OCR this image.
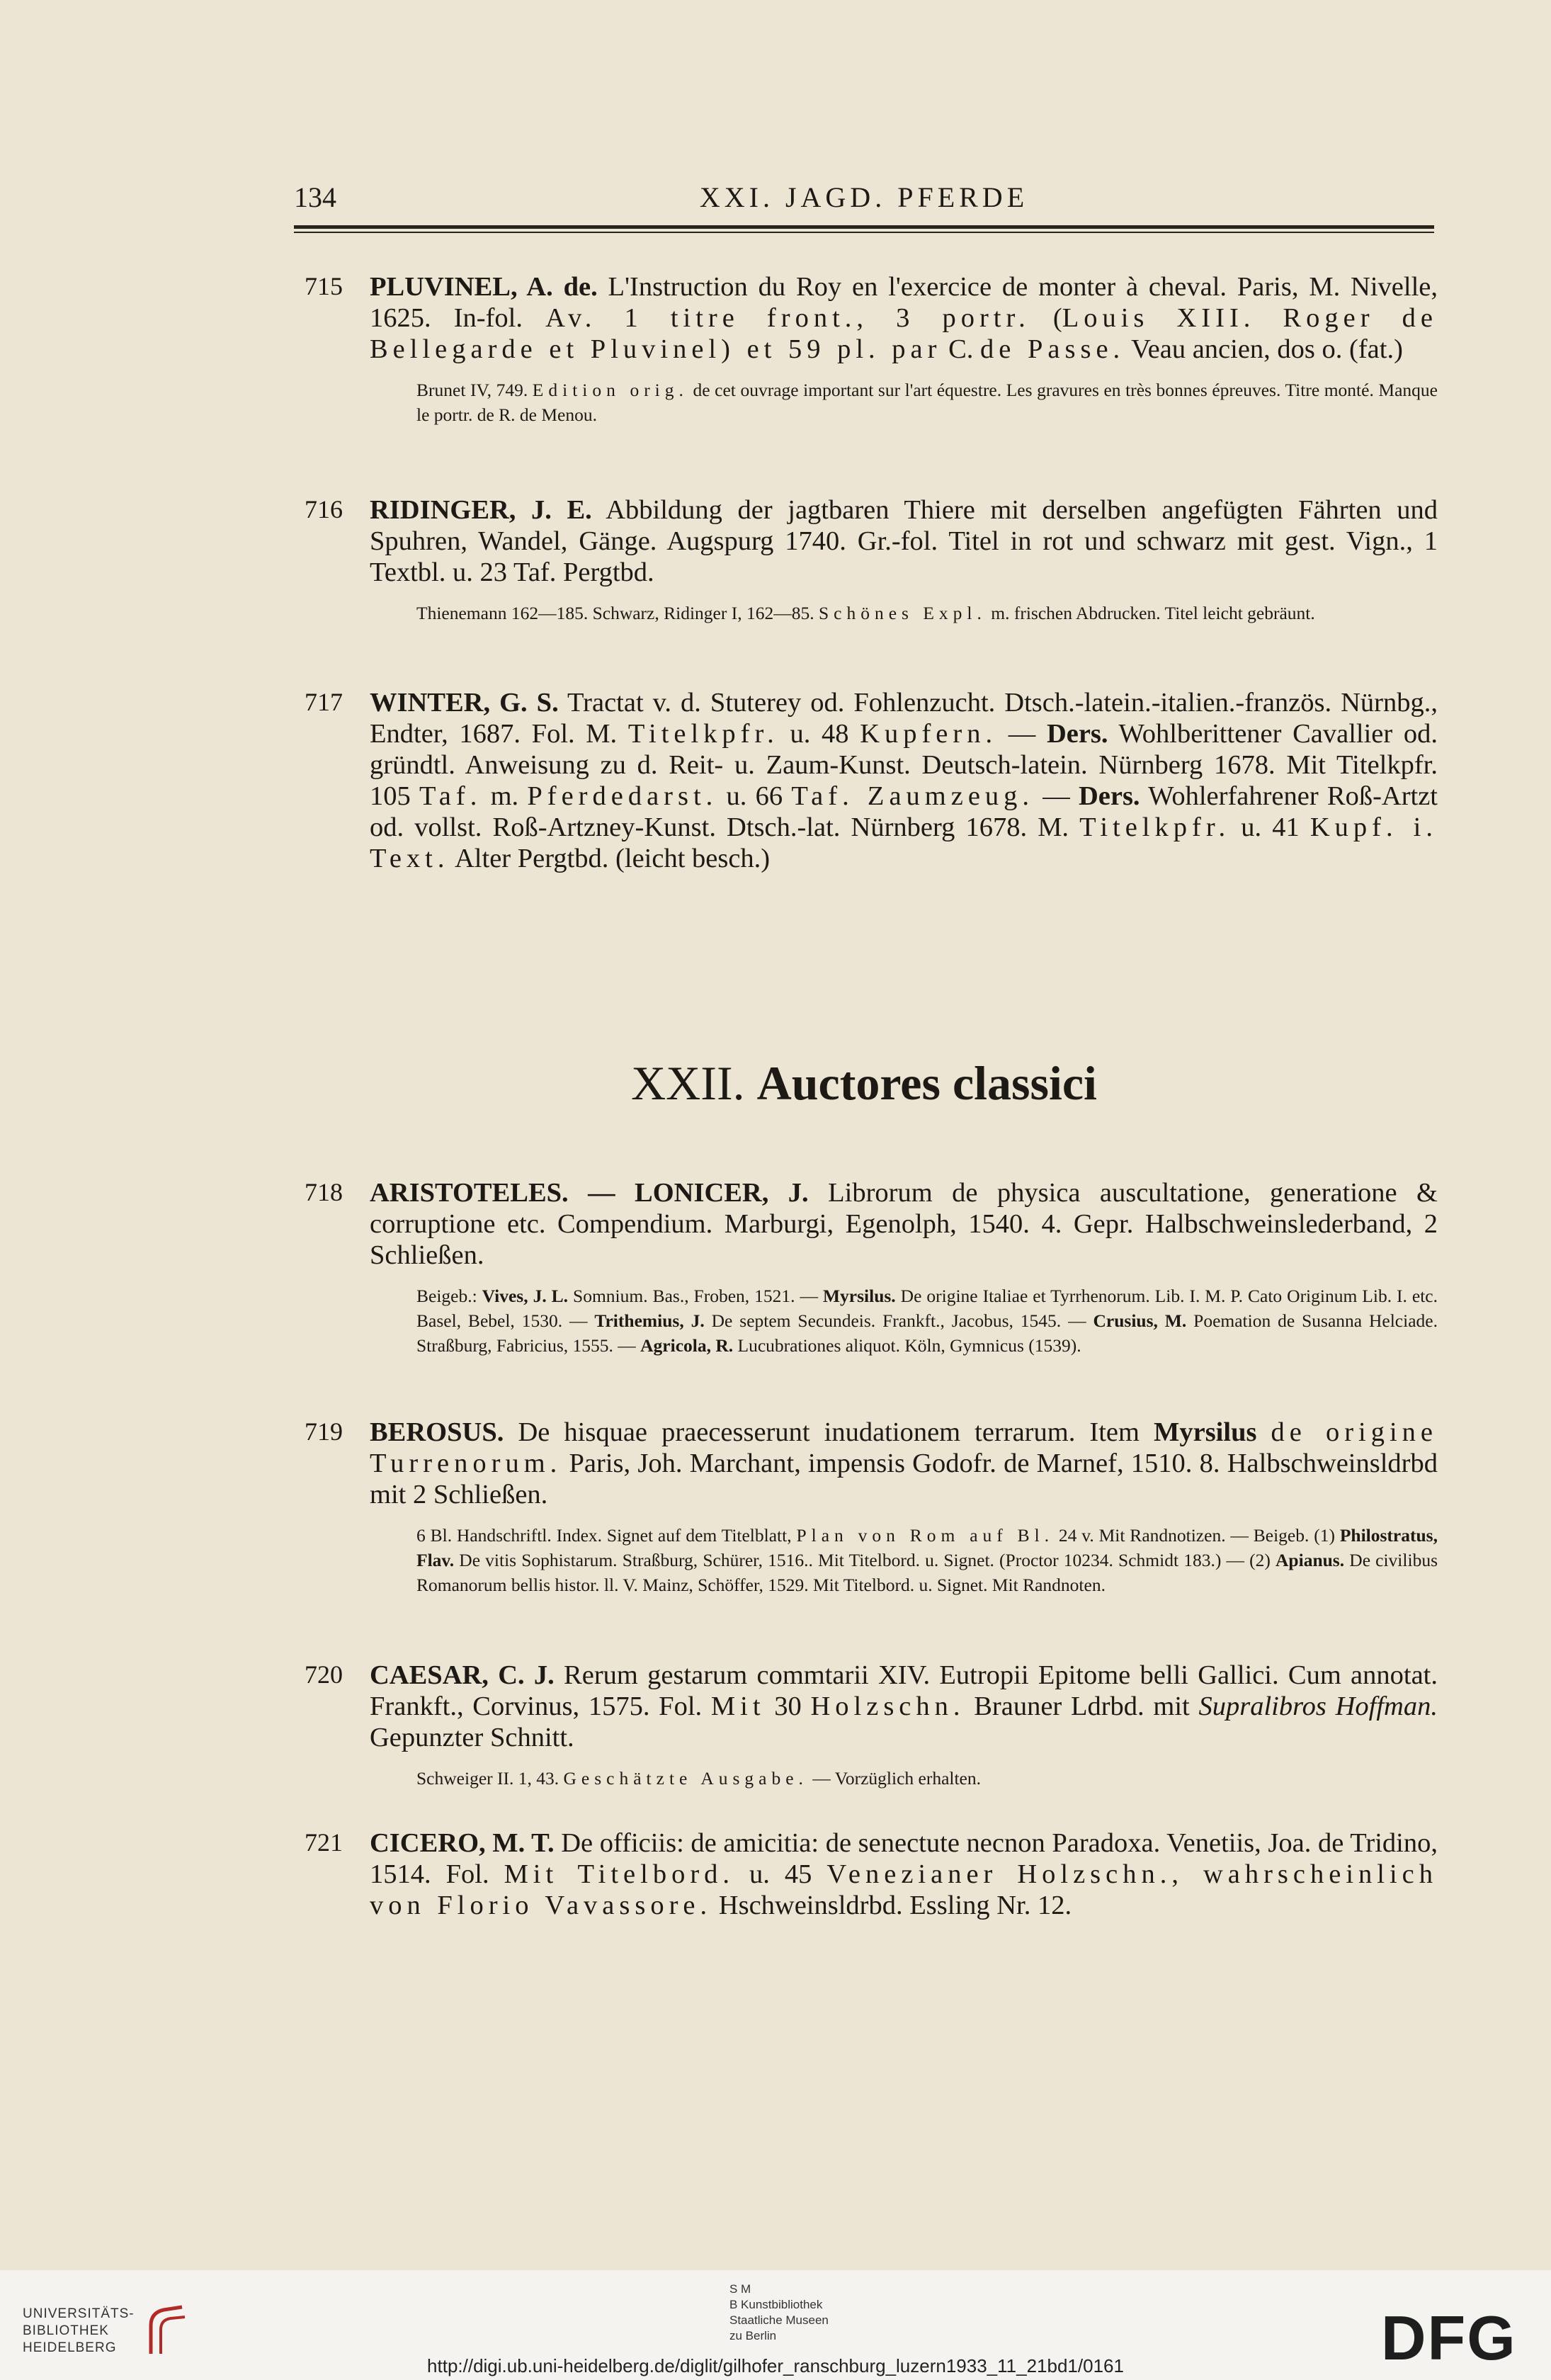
134	XXI. JAGD. PFERDE
715 PLUVINEL, A. de. L'Instruction du Roy en l'exercice de monter à cheval. Paris, M. Nivelle, 1625. In-fol. Av. 1 titre front., 3 portr. (Louis XIII. Roger de Bellegarde et Pluvinel) et 59 pl. par C. de Passe. Veau ancien, dos o. (fat.)
Brunet IV, 749. Edition orig. de cet ouvrage important sur l'art équestre. Les gravures en très bonnes épreuves. Titre monté. Manque le portr. de R. de Menou.
716 RIDINGER, J. E. Abbildung der jagtbaren Thiere mit derselben angefügten Fährten und Spuhren, Wandel, Gänge. Augspurg 1740. Gr.-fol. Titel in rot und schwarz mit gest. Vign., 1 Textbl. u. 23 Taf. Pergtbd.
Thienemann 162—185. Schwarz, Ridinger I, 162—85. Schönes Expl. m. frischen Abdrucken. Titel leicht gebräunt.
717 WINTER, G. S. Tractat v. d. Stuterey od. Fohlenzucht. Dtsch.-latein.-italien.-französ. Nürnbg., Endter, 1687. Fol. M. Titelkpfr. u. 48 Kupfern. — Ders. Wohlberittener Cavallier od. gründtl. Anweisung zu d. Reit- u. Zaum-Kunst. Deutsch-latein. Nürnberg 1678. Mit Titelkpfr. 105 Taf. m. Pferdedarst. u. 66 Taf. Zaumzeug. — Ders. Wohlerfahrener Roß-Artzt od. vollst. Roß-Artzney-Kunst. Dtsch.-lat. Nürnberg 1678. M. Titelkpfr. u. 41 Kupf. i. Text. Alter Pergtbd. (leicht besch.)
XXII. Auctores classici
718 ARISTOTELES. — LONICER, J. Librorum de physica auscultatione, generatione & corruptione etc. Compendium. Marburgi, Egenolph, 1540. 4. Gepr. Halbschweinslederband, 2 Schließen.
Beigeb.: Vives, J. L. Somnium. Bas., Froben, 1521. — Myrsilus. De origine Italiae et Tyrrhenorum. Lib. I. M. P. Cato Originum Lib. I. etc. Basel, Bebel, 1530. — Trithemius, J. De septem Secundeis. Frankft., Jacobus, 1545. — Crusius, M. Poemation de Susanna Helciade. Straßburg, Fabricius, 1555. — Agricola, R. Lucubrationes aliquot. Köln, Gymnicus (1539).
719 BEROSUS. De hisquae praecesserunt inudationem terrarum. Item Myrsilus de origine Turrenorum. Paris, Joh. Marchant, impensis Godofr. de Marnef, 1510. 8. Halbschweinsldrbd mit 2 Schließen.
6 Bl. Handschriftl. Index. Signet auf dem Titelblatt, Plan von Rom auf Bl. 24 v. Mit Randnotizen. — Beigeb. (1) Philostratus, Flav. De vitis Sophistarum. Straßburg, Schürer, 1516.. Mit Titelbord. u. Signet. (Proctor 10234. Schmidt 183.) — (2) Apianus. De civilibus Romanorum bellis histor. ll. V. Mainz, Schöffer, 1529. Mit Titelbord. u. Signet. Mit Randnoten.
720 CAESAR, C. J. Rerum gestarum commtarii XIV. Eutropii Epitome belli Gallici. Cum annotat. Frankft., Corvinus, 1575. Fol. Mit 30 Holzschn. Brauner Ldrbd. mit Supralibros Hoffman. Gepunzter Schnitt.
Schweiger II. 1, 43. Geschätzte Ausgabe. — Vorzüglich erhalten.
721 CICERO, M. T. De officiis: de amicitia: de senectute necnon Paradoxa. Venetiis, Joa. de Tridino, 1514. Fol. Mit Titelbord. u. 45 Venezianer Holzschn., wahrscheinlich von Florio Vavassore. Hschweinsldrbd. Essling Nr. 12.
UNIVERSITÄTS-
BIBLIOTHEK
HEIDELBERG
S M
B Kunstbibliothek
Staatliche Museen
zu Berlin	DFG
http://digi.ub.uni-heidelberg.de/diglit/gilhofer_ranschburg_luzern1933_11_21bd1/0161
